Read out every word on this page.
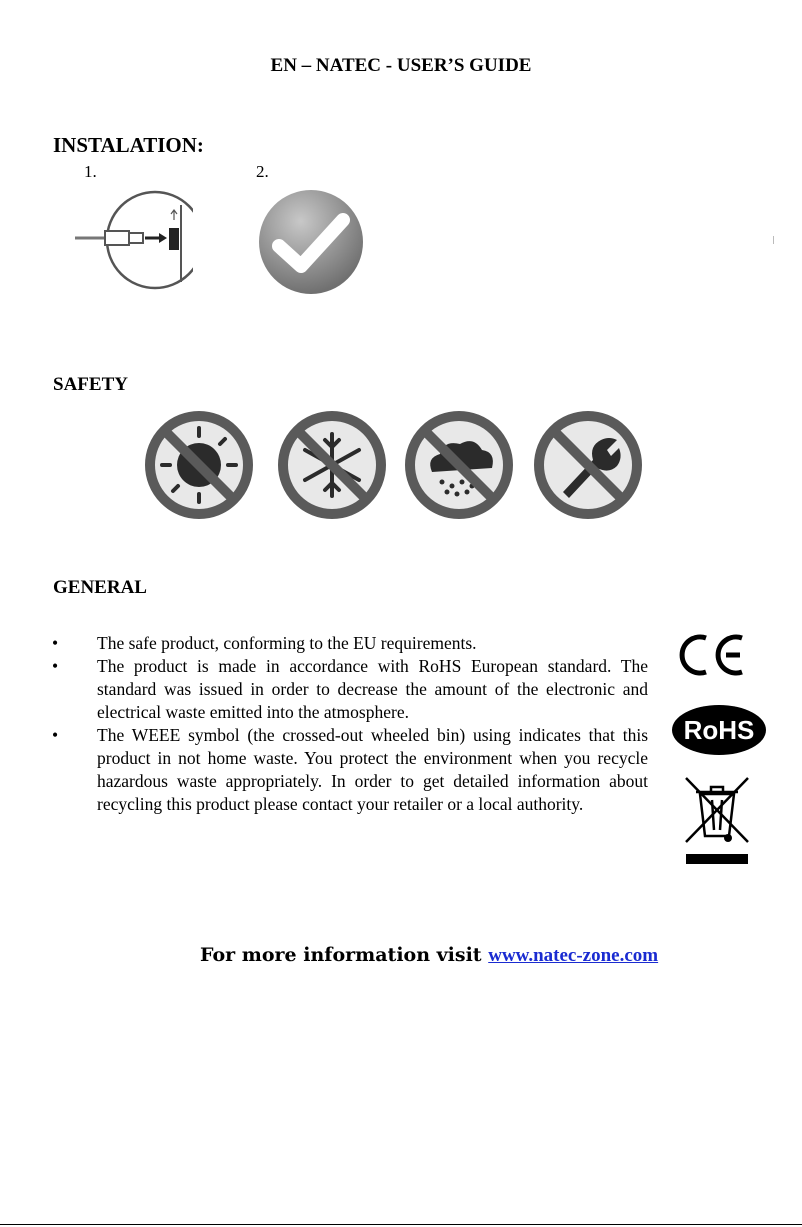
EN – NATEC - USER’S GUIDE
INSTALATION:
1.	2.
SAFETY
GENERAL
• The safe product, conforming to the EU requirements.
• The product is made in accordance with RoHS European standard. The standard was issued in order to decrease the amount of the electronic and electrical waste emitted into the atmosphere.
• The WEEE symbol (the crossed-out wheeled bin) using indicates that this product in not home waste. You protect the environment when you recycle hazardous waste appropriately. In order to get detailed information about recycling this product please contact your retailer or a local authority.
RoHS
For more information visit www.natec-zone.com
